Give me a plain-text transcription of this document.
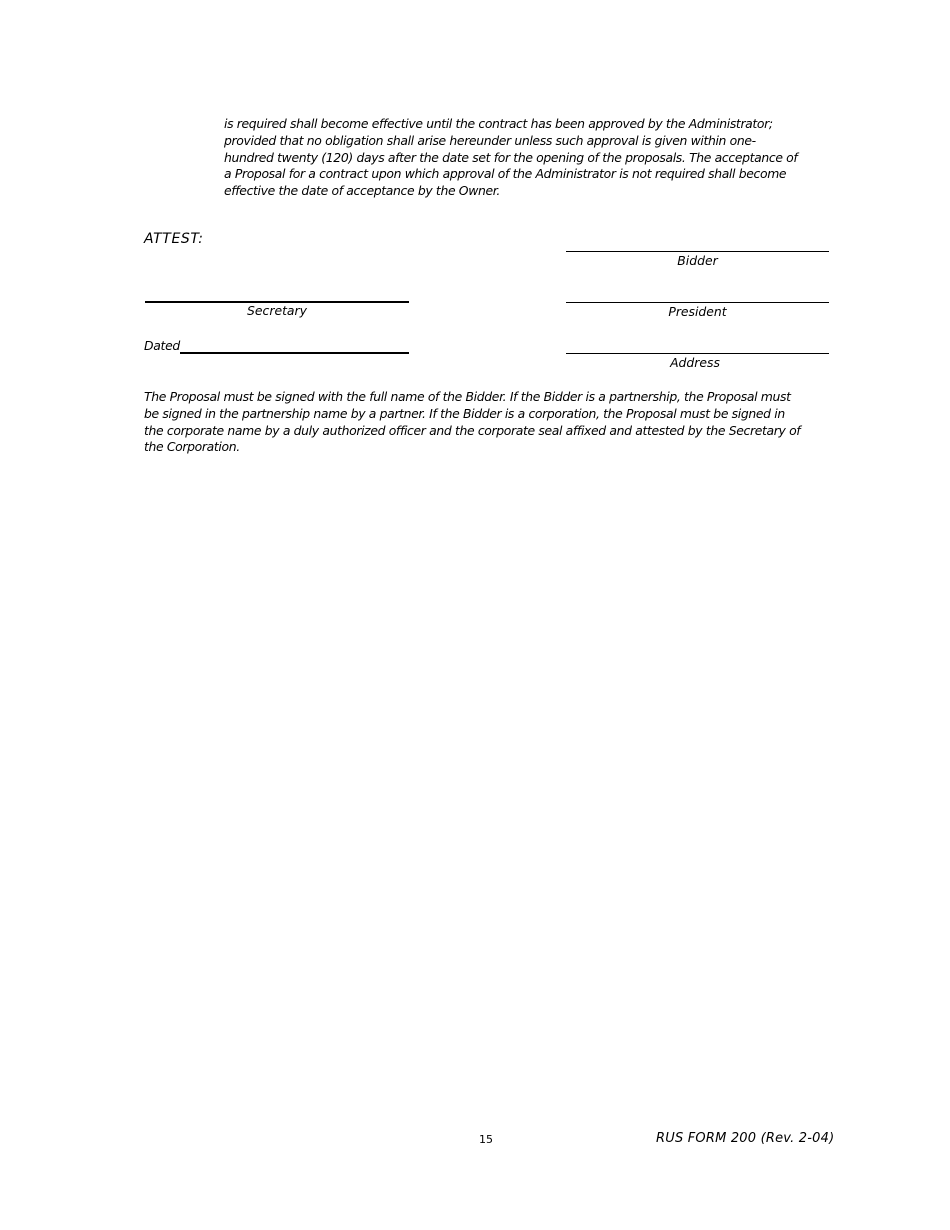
is required shall become effective until the contract has been approved by the Administrator; provided that no obligation shall arise hereunder unless such approval is given within one-hundred twenty (120) days after the date set for the opening of the proposals. The acceptance of a Proposal for a contract upon which approval of the Administrator is not required shall become effective the date of acceptance by the Owner.

ATTEST:
Bidder
Secretary	President
Dated
Address

The Proposal must be signed with the full name of the Bidder. If the Bidder is a partnership, the Proposal must be signed in the partnership name by a partner. If the Bidder is a corporation, the Proposal must be signed in the corporate name by a duly authorized officer and the corporate seal affixed and attested by the Secretary of the Corporation.

15	RUS FORM 200 (Rev. 2-04)
